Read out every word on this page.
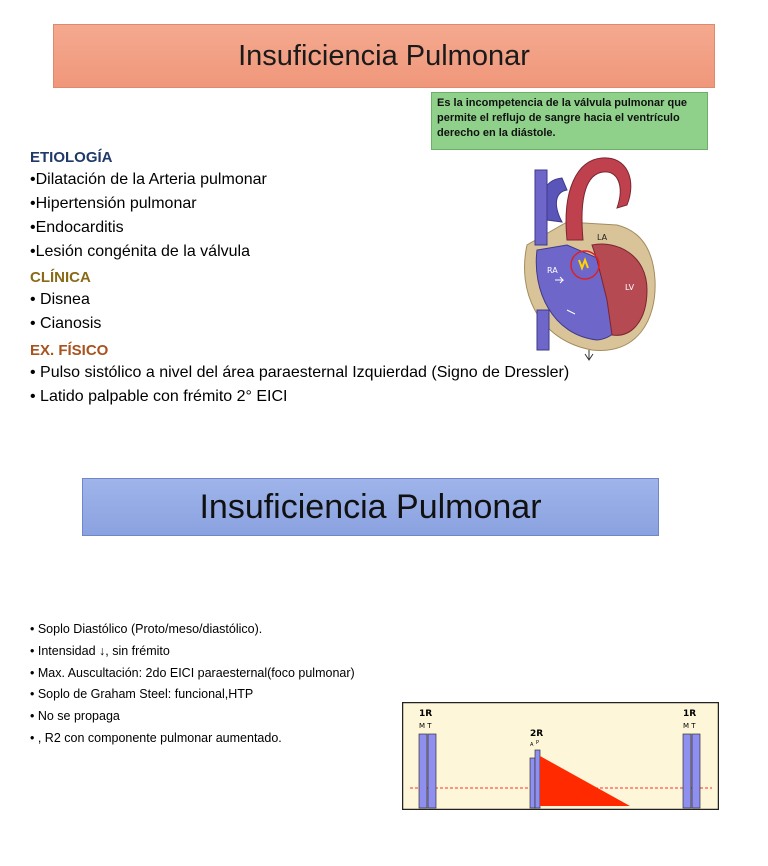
Insuficiencia Pulmonar
Es la incompetencia de la válvula pulmonar que permite el reflujo de sangre hacia el ventrículo derecho en la diástole.
LA
RA
LV
ETIOLOGÍA
•Dilatación de la Arteria pulmonar
•Hipertensión pulmonar
•Endocarditis
•Lesión congénita de la válvula
CLÍNICA
• Disnea
• Cianosis
EX. FÍSICO
• Pulso sistólico a nivel del área paraesternal Izquierdad (Signo de Dressler)
• Latido palpable con frémito 2° EICI
Insuficiencia Pulmonar
• Soplo Diastólico (Proto/meso/diastólico).
• Intensidad ↓, sin frémito
• Max. Auscultación: 2do EICI paraesternal(foco pulmonar)
• Soplo de Graham Steel: funcional,HTP
• No se propaga
• , R2 con componente pulmonar aumentado.
1R
M T
2R
A P
1R
M T
